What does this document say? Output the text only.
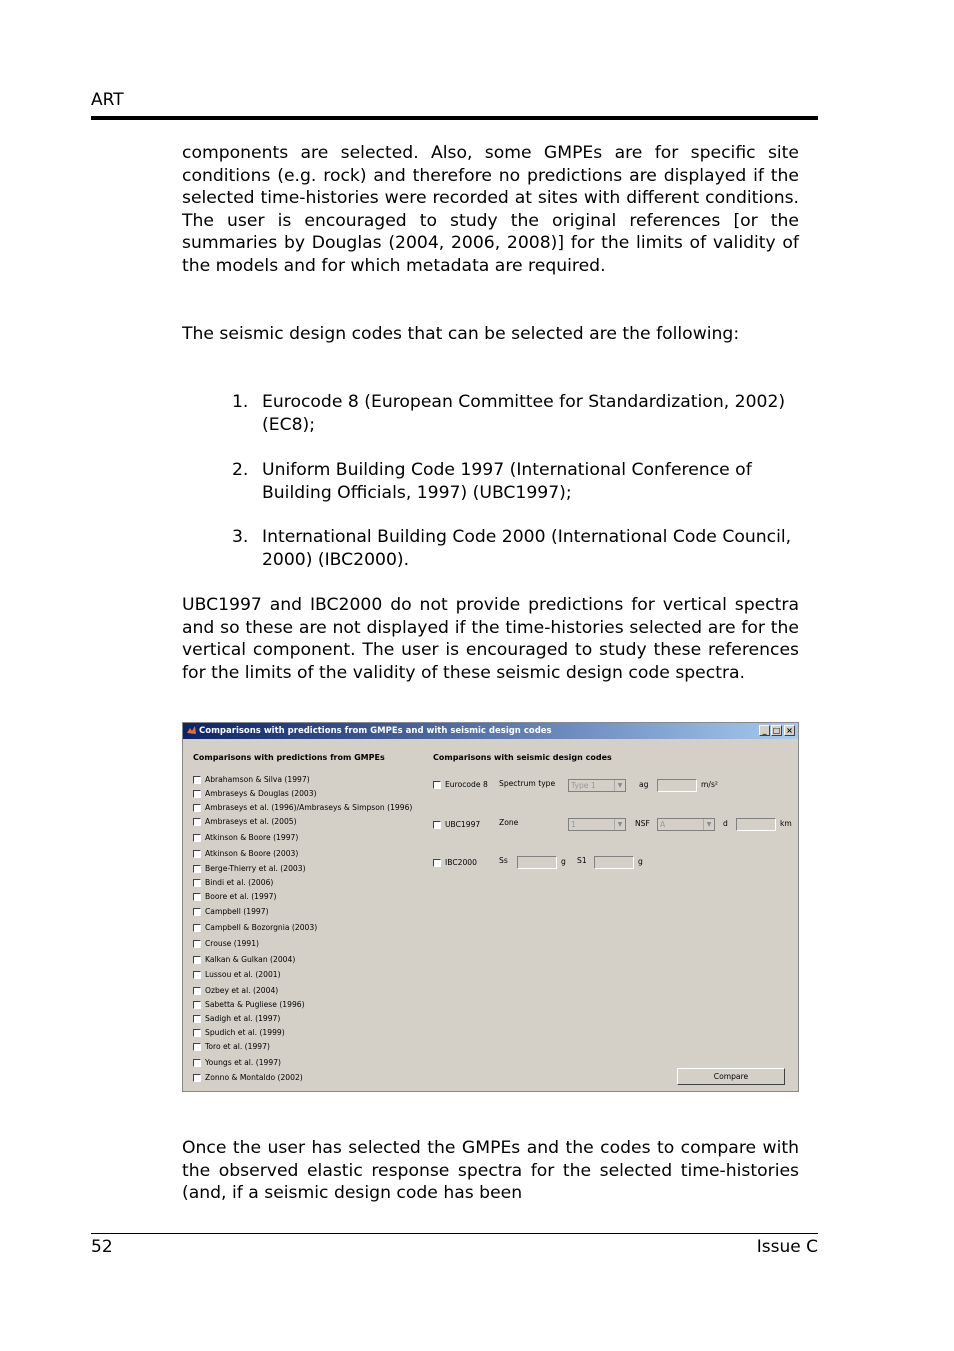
ART

components are selected. Also, some GMPEs are for specific site conditions (e.g. rock) and therefore no predictions are displayed if the selected time-histories were recorded at sites with different conditions. The user is encouraged to study the original references [or the summaries by Douglas (2004, 2006, 2008)] for the limits of validity of the models and for which metadata are required.

The seismic design codes that can be selected are the following:

1. Eurocode 8 (European Committee for Standardization, 2002) (EC8);
2. Uniform Building Code 1997 (International Conference of Building Officials, 1997) (UBC1997);
3. International Building Code 2000 (International Code Council, 2000) (IBC2000).

UBC1997 and IBC2000 do not provide predictions for vertical spectra and so these are not displayed if the time-histories selected are for the vertical component. The user is encouraged to study these references for the limits of the validity of these seismic design code spectra.

Comparisons with predictions from GMPEs and with seismic design codes	_ □ ×
Comparisons with predictions from GMPEs	Comparisons with seismic design codes
Abrahamson & Silva (1997)
Ambraseys & Douglas (2003)
Ambraseys et al. (1996)/Ambraseys & Simpson (1996)
Ambraseys et al. (2005)
Atkinson & Boore (1997)
Atkinson & Boore (2003)
Berge-Thierry et al. (2003)
Bindi et al. (2006)
Boore et al. (1997)
Campbell (1997)
Campbell & Bozorgnia (2003)
Crouse (1991)
Kalkan & Gulkan (2004)
Lussou et al. (2001)
Ozbey et al. (2004)
Sabetta & Pugliese (1996)
Sadigh et al. (1997)
Spudich et al. (1999)
Toro et al. (1997)
Youngs et al. (1997)
Zonno & Montaldo (2002)
Eurocode 8 Spectrum type	Type 1	▼	ag	m/s²
UBC1997 Zone	1	▼	NSF	A	▼	d	km
IBC2000	Ss	g S1	g
Compare

Once the user has selected the GMPEs and the codes to compare with the observed elastic response spectra for the selected time-histories (and, if a seismic design code has been

52	Issue C
